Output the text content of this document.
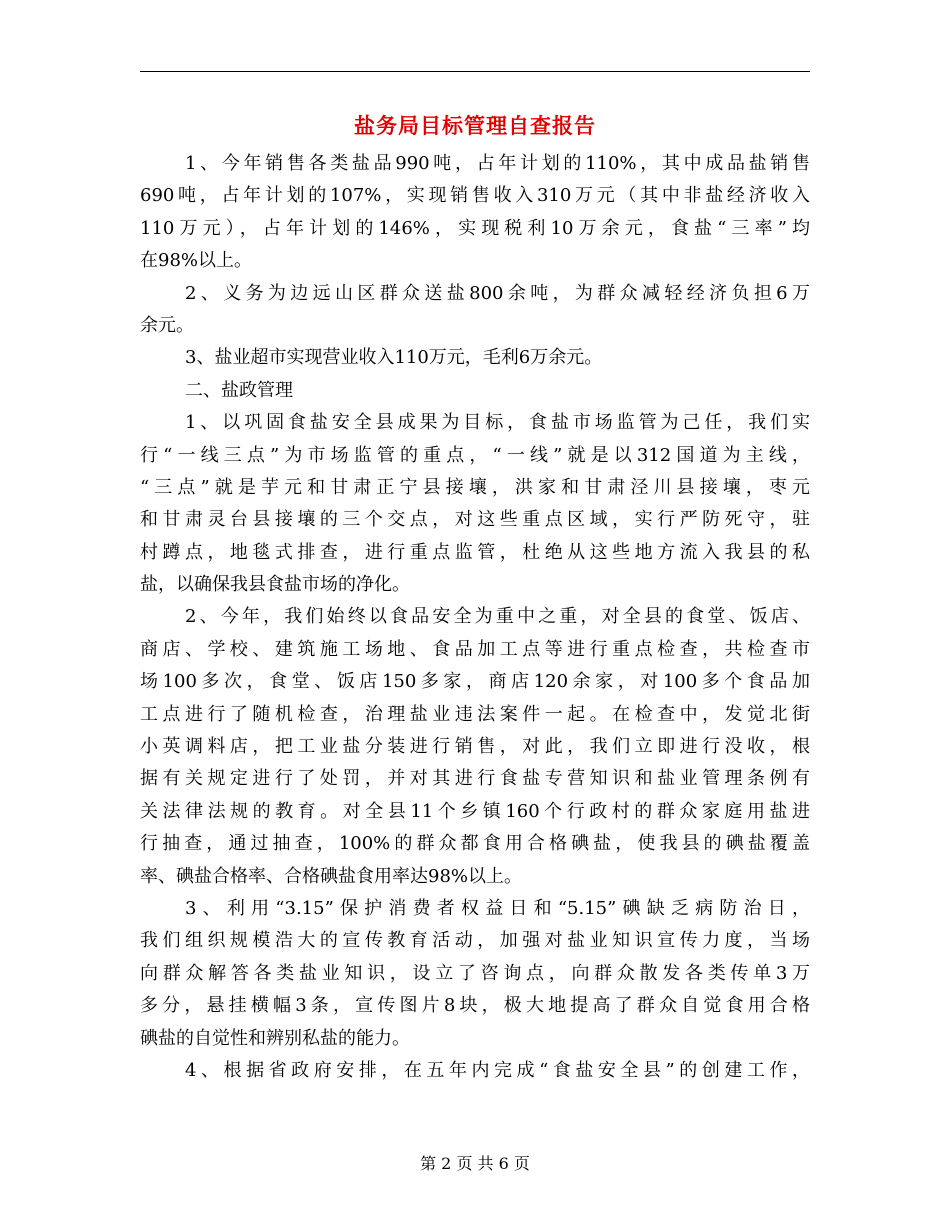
盐务局目标管理自查报告
1、今年销售各类盐品990吨，占年计划的110%，其中成品盐销售
690吨，占年计划的107%，实现销售收入310万元（其中非盐经济收入
110万元），占年计划的146%，实现税利10万余元，食盐“三率”均
在98%以上。
2、义务为边远山区群众送盐800余吨，为群众减轻经济负担6万
余元。
3、盐业超市实现营业收入110万元，毛利6万余元。
二、盐政管理
1、以巩固食盐安全县成果为目标，食盐市场监管为己任，我们实
行“一线三点”为市场监管的重点，“一线”就是以312国道为主线，
“三点”就是芋元和甘肃正宁县接壤，洪家和甘肃泾川县接壤，枣元
和甘肃灵台县接壤的三个交点，对这些重点区域，实行严防死守，驻
村蹲点，地毯式排查，进行重点监管，杜绝从这些地方流入我县的私
盐，以确保我县食盐市场的净化。
2、今年，我们始终以食品安全为重中之重，对全县的食堂、饭店、
商店、学校、建筑施工场地、食品加工点等进行重点检查，共检查市
场100多次，食堂、饭店150多家，商店120余家，对100多个食品加
工点进行了随机检查，治理盐业违法案件一起。在检查中，发觉北街
小英调料店，把工业盐分装进行销售，对此，我们立即进行没收，根
据有关规定进行了处罚，并对其进行食盐专营知识和盐业管理条例有
关法律法规的教育。对全县11个乡镇160个行政村的群众家庭用盐进
行抽查，通过抽查，100%的群众都食用合格碘盐，使我县的碘盐覆盖
率、碘盐合格率、合格碘盐食用率达98%以上。
3、利用“3.15”保护消费者权益日和“5.15”碘缺乏病防治日，
我们组织规模浩大的宣传教育活动，加强对盐业知识宣传力度，当场
向群众解答各类盐业知识，设立了咨询点，向群众散发各类传单3万
多分，悬挂横幅3条，宣传图片8块，极大地提高了群众自觉食用合格
碘盐的自觉性和辨别私盐的能力。
4、根据省政府安排，在五年内完成“食盐安全县”的创建工作，
第 2 页 共 6 页
